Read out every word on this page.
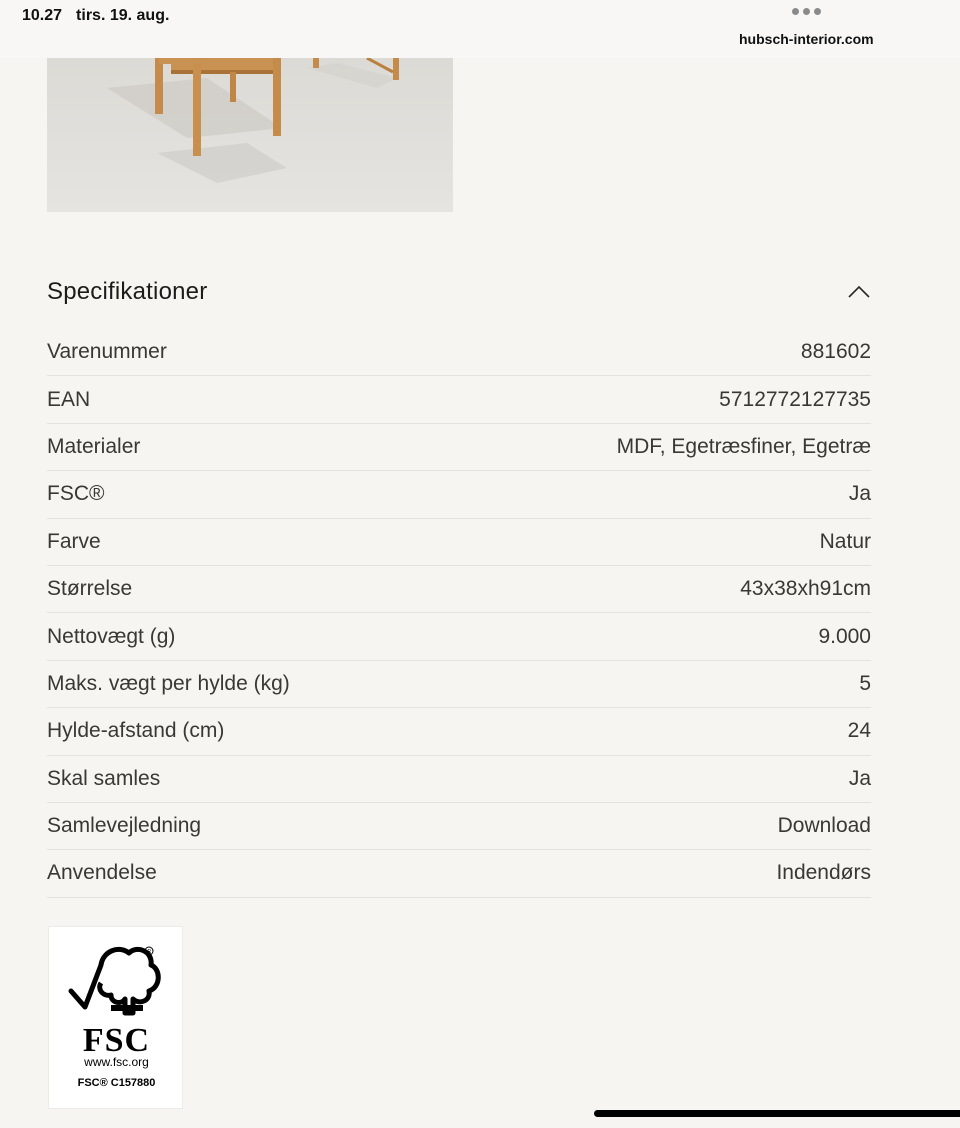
10.27 tirs. 19. aug.
hubsch-interior.com
Specifikationer
Varenummer	881602
EAN	5712772127735
Materialer	MDF, Egetræsfiner, Egetræ
FSC®	Ja
Farve	Natur
Størrelse	43x38xh91cm
Nettovægt (g)	9.000
Maks. vægt per hylde (kg)	5
Hylde-afstand (cm)	24
Skal samles	Ja
Samlevejledning	Download
Anvendelse	Indendørs
R
FSC
www.fsc.org
FSC® C157880
